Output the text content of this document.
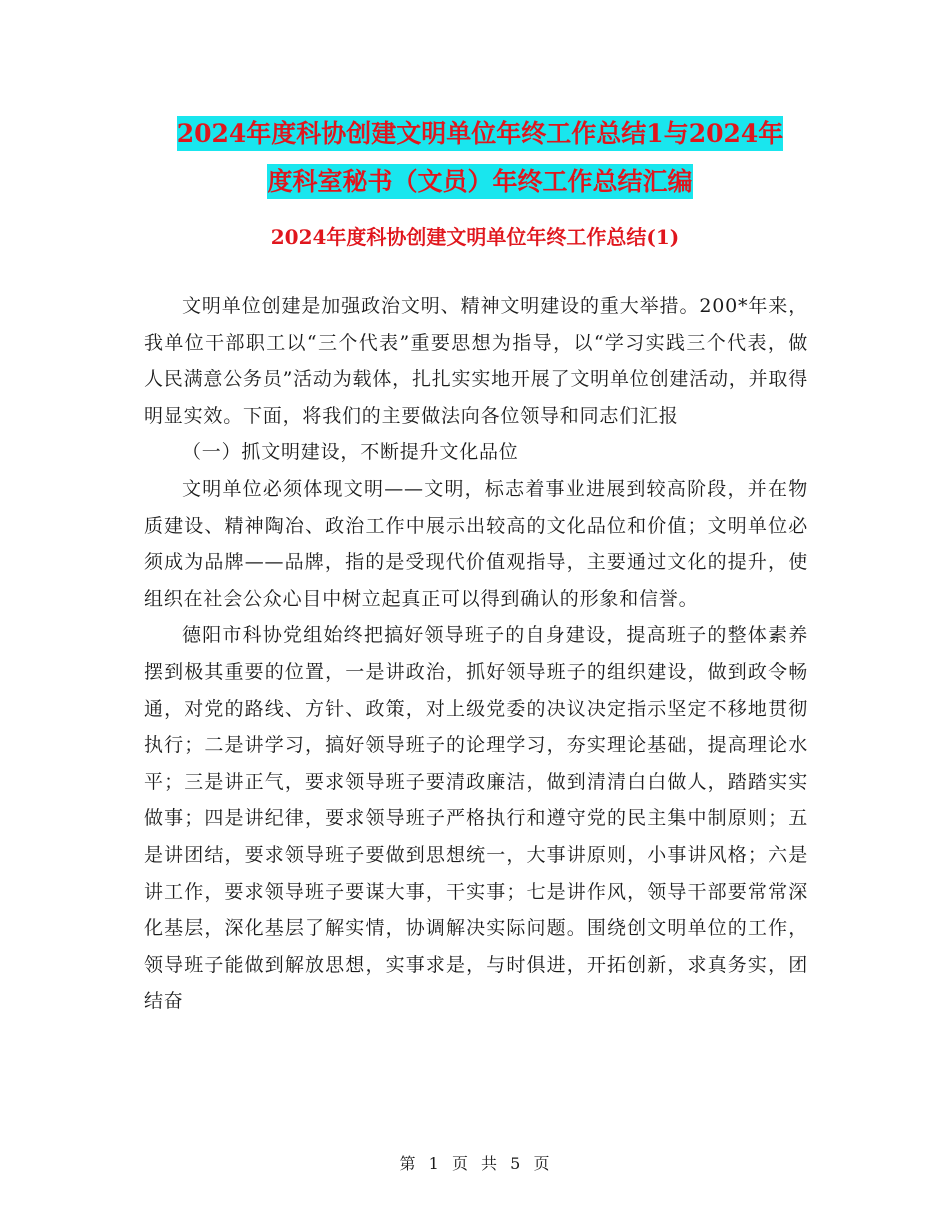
2024年度科协创建文明单位年终工作总结1与2024年
度科室秘书（文员）年终工作总结汇编
2024年度科协创建文明单位年终工作总结(1)

文明单位创建是加强政治文明、精神文明建设的重大举措。200*年来，我单位干部职工以“三个代表”重要思想为指导，以“学习实践三个代表，做人民满意公务员”活动为载体，扎扎实实地开展了文明单位创建活动，并取得明显实效。下面，将我们的主要做法向各位领导和同志们汇报

（一）抓文明建设，不断提升文化品位

文明单位必须体现文明——文明，标志着事业进展到较高阶段，并在物质建设、精神陶冶、政治工作中展示出较高的文化品位和价值；文明单位必须成为品牌——品牌，指的是受现代价值观指导，主要通过文化的提升，使组织在社会公众心目中树立起真正可以得到确认的形象和信誉。

德阳市科协党组始终把搞好领导班子的自身建设，提高班子的整体素养摆到极其重要的位置，一是讲政治，抓好领导班子的组织建设，做到政令畅通，对党的路线、方针、政策，对上级党委的决议决定指示坚定不移地贯彻执行；二是讲学习，搞好领导班子的论理学习，夯实理论基础，提高理论水平；三是讲正气，要求领导班子要清政廉洁，做到清清白白做人，踏踏实实做事；四是讲纪律，要求领导班子严格执行和遵守党的民主集中制原则；五是讲团结，要求领导班子要做到思想统一，大事讲原则，小事讲风格；六是讲工作，要求领导班子要谋大事，干实事；七是讲作风，领导干部要常常深化基层，深化基层了解实情，协调解决实际问题。围绕创文明单位的工作，领导班子能做到解放思想，实事求是，与时俱进，开拓创新，求真务实，团结奋

第 1 页 共 5 页
